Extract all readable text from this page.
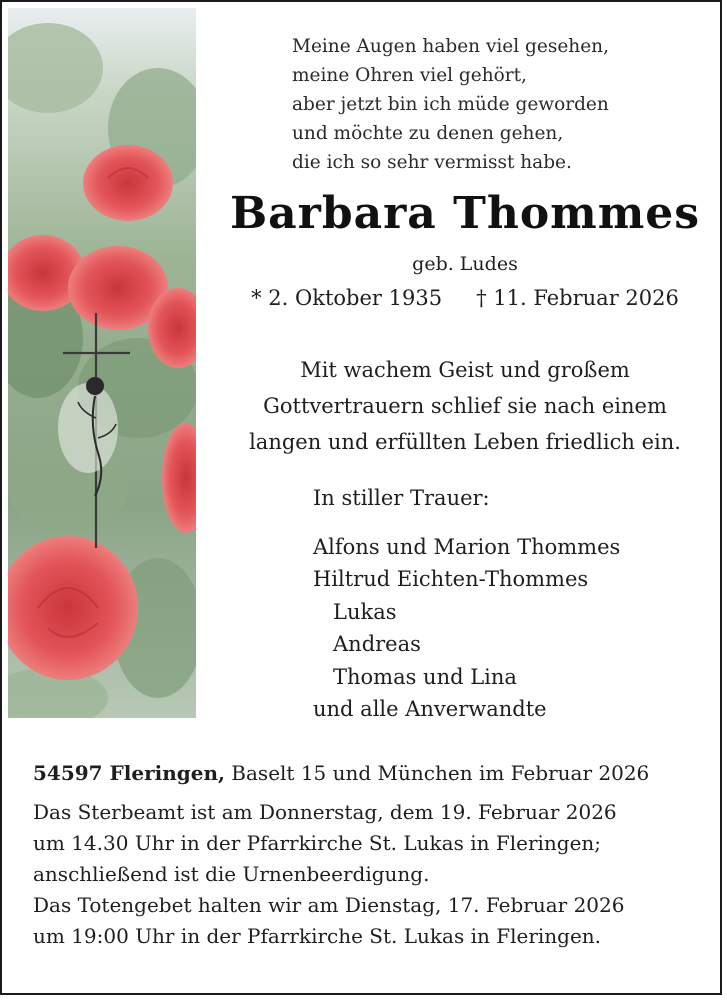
Meine Augen haben viel gesehen,
meine Ohren viel gehört,
aber jetzt bin ich müde geworden
und möchte zu denen gehen,
die ich so sehr vermisst habe.
Barbara Thommes
geb. Ludes
* 2. Oktober 1935 † 11. Februar 2026
Mit wachem Geist und großem
Gottvertrauern schlief sie nach einem
langen und erfüllten Leben friedlich ein.
In stiller Trauer:
Alfons und Marion Thommes
Hiltrud Eichten-Thommes
Lukas
Andreas
Thomas und Lina
und alle Anverwandte
54597 Fleringen, Baselt 15 und München im Februar 2026
Das Sterbeamt ist am Donnerstag, dem 19. Februar 2026
um 14.30 Uhr in der Pfarrkirche St. Lukas in Fleringen;
anschließend ist die Urnenbeerdigung.
Das Totengebet halten wir am Dienstag, 17. Februar 2026
um 19:00 Uhr in der Pfarrkirche St. Lukas in Fleringen.
